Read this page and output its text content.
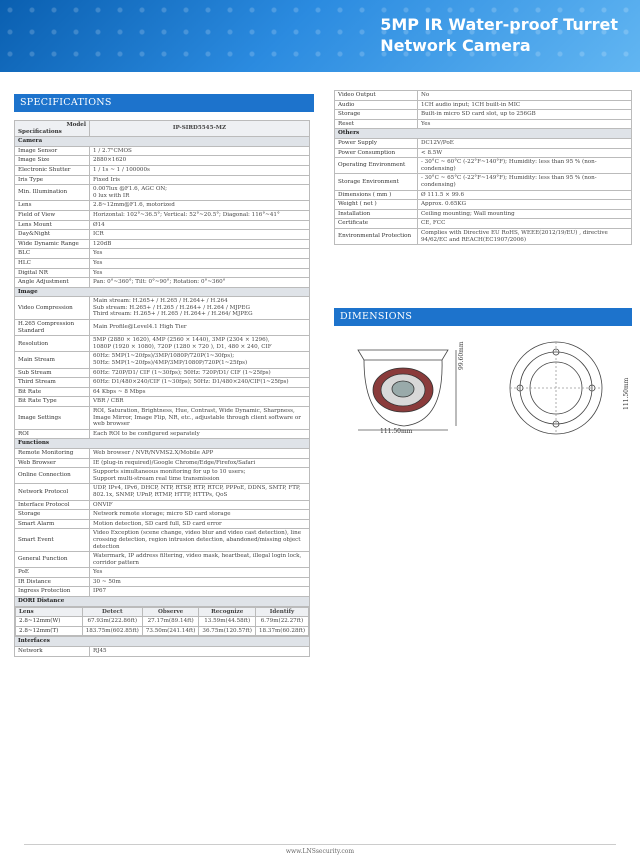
5MP IR Water-proof Turret
Network Camera
SPECIFICATIONS
Model
Specifications
	IP-SIRD5545-MZ
Camera
Image Sensor	1 / 2.7"CMOS
Image Size	2880×1620
Electronic Shutter	1 / 1s ~ 1 / 100000s
Iris Type	Fixed Iris
Min. Illumination	0.007lux @F1.6, AGC ON;
0 lux with IR
Lens	2.8~12mm@F1.6, motorized
Field of View	Horizontal: 102°~36.5°; Vertical: 52°~20.5°; Diagonal: 116°~41°
Lens Mount	Ø14
Day&Night	ICR
Wide Dynamic Range	120dB
BLC	Yes
HLC	Yes
Digital NR	Yes
Angle Adjustment	Pan: 0°~360°; Tilt: 0°~90°; Rotation: 0°~360°
Image
Video Compression	Main stream: H.265+ / H.265 / H.264+ / H.264
Sub stream: H.265+ / H.265 / H.264+ / H.264 / MJPEG
Third stream: H.265+ / H.265 / H.264+ / H.264/ MJPEG
H.265 Compression Standard	Main Profile@Level4.1 High Tier
Resolution	5MP (2880 × 1620), 4MP (2560 × 1440), 3MP (2304 × 1296),
1080P (1920 × 1080), 720P (1280 × 720 ), D1, 480 × 240, CIF
Main Stream	60Hz: 5MP(1~20fps)/3MP/1080P/720P(1~30fps);
50Hz: 5MP(1~20fps)/4MP/3MP/1080P/720P(1~25fps)
Sub Stream	60Hz: 720P/D1/ CIF (1~30fps); 50Hz: 720P/D1/ CIF (1~25fps)
Third Stream	60Hz: D1/480×240/CIF (1~30fps); 50Hz: D1/480×240/CIF(1~25fps)
Bit Rate	64 Kbps ~ 8 Mbps
Bit Rate Type	VBR / CBR
Image Settings	ROI, Saturation, Brightness, Hue, Contrast, Wide Dynamic, Sharpness, Image Mirror, Image Flip, NR, etc., adjustable through client software or web browser
ROI	Each ROI to be configured separately
Functions
Remote Monitoring	Web browser / NVR/NVMS2.X/Mobile APP
Web Browser	IE (plug-in required)/Google Chrome/Edge/Firefox/Safari
Online Connection	Supports simultaneous monitoring for up to 10 users;
Support multi-stream real time transmission
Network Protocol	UDP, IPv4, IPv6, DHCP, NTP, RTSP, RTP, RTCP, PPPoE, DDNS, SMTP, FTP, 802.1x, SNMP, UPnP, RTMP, HTTP, HTTPs, QoS
Interface Protocol	ONVIF
Storage	Network remote storage; micro SD card storage
Smart Alarm	Motion detection, SD card full, SD card error
Smart Event	Video Exception (scene change, video blur and video cast detection), line crossing detection, region intrusion detection, abandoned/missing object detection
General Function	Watermark, IP address filtering, video mask, heartbeat, illegal login lock, corridor pattern
PoE	Yes
IR Distance	30 ~ 50m
Ingress Protection	IP67
DORI Distance

Lens	Detect	Observe	Recognize	Identify
2.8~12mm(W)	67.93m(222.86ft)	27.17m(89.14ft)	13.59m(44.58ft)	6.79m(22.27ft)
2.8~12mm(T)	183.75m(602.85ft)	73.50m(241.14ft)	36.75m(120.57ft)	18.37m(60.28ft)

Interfaces
Network	RJ45
Video Output	No
Audio	1CH audio input; 1CH built-in MIC
Storage	Built-in micro SD card slot, up to 256GB
Reset	Yes
Others	
Power Supply	DC12V/PoE
Power Consumption	< 8.5W
Operating Environment	- 30°C ~ 60°C (-22°F~140°F); Humidity: less than 95 % (non-condensing)
Storage Environment	- 30°C ~ 65°C (-22°F~149°F); Humidity: less than 95 % (non-condensing)
Dimensions ( mm )	Ø 111.5 × 99.6
Weight ( net )	Approx. 0.65KG
Installation	Ceiling mounting; Wall mounting
Certificate	CE, FCC
Environmental Protection	Complies with Directive EU RoHS, WEEE(2012/19/EU) , directive 94/62/EC and REACH(EC1907/2006)
DIMENSIONS
111.50mm
99.60mm
111.50mm
www.LNSsecurity.com
